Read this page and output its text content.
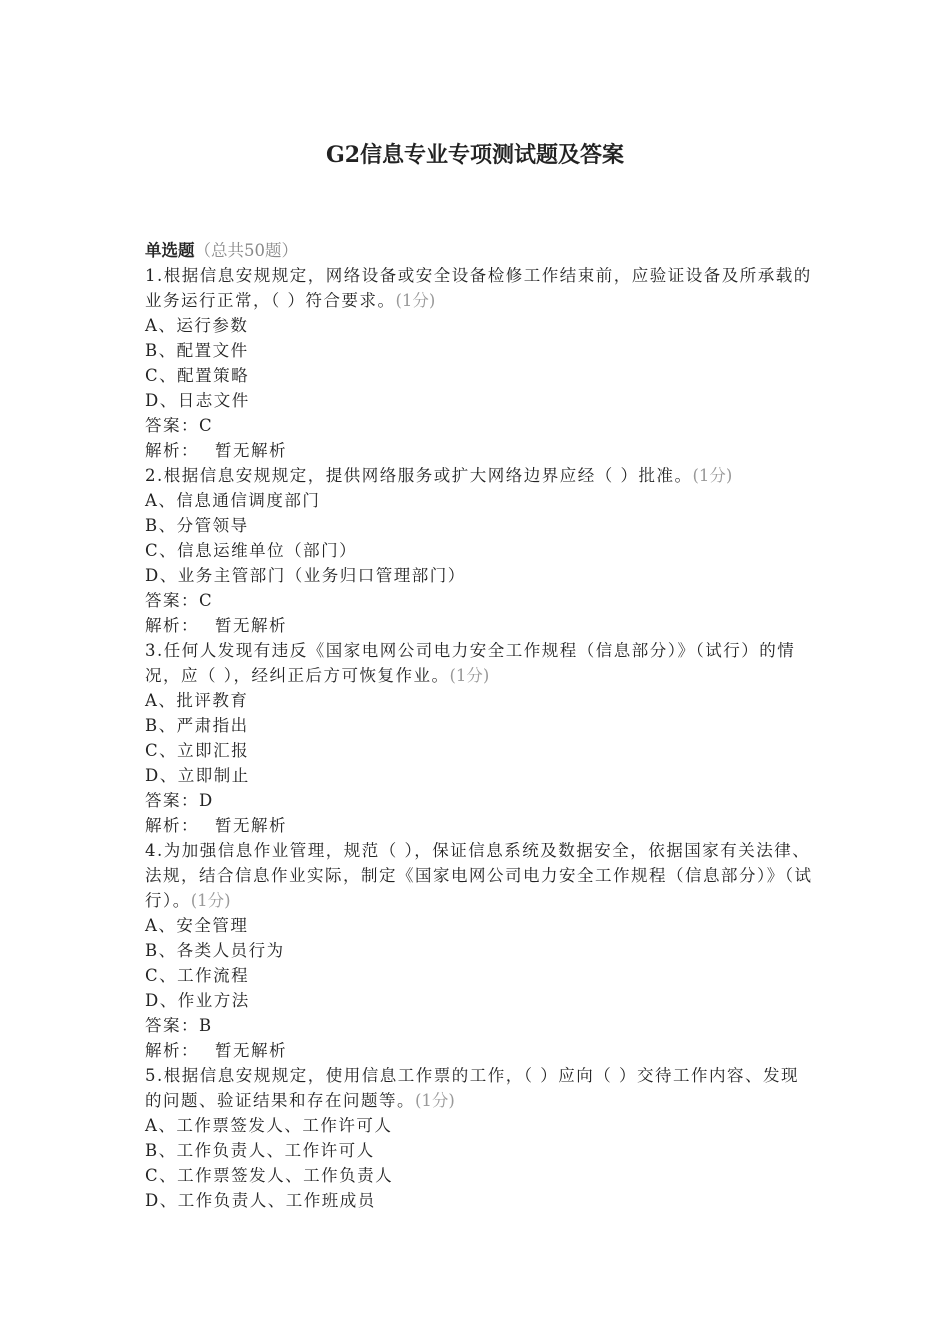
G2信息专业专项测试题及答案

单选题（总共50题）

1.根据信息安规规定，网络设备或安全设备检修工作结束前，应验证设备及所承载的业务运行正常，（ ）符合要求。(1分)

A、运行参数

B、配置文件

C、配置策略

D、日志文件

答案：C

解析： 暂无解析

2.根据信息安规规定，提供网络服务或扩大网络边界应经（ ）批准。(1分)

A、信息通信调度部门

B、分管领导

C、信息运维单位（部门）

D、业务主管部门（业务归口管理部门）

答案：C

解析： 暂无解析

3.任何人发现有违反《国家电网公司电力安全工作规程（信息部分）》（试行）的情况，应（ ），经纠正后方可恢复作业。(1分)

A、批评教育

B、严肃指出

C、立即汇报

D、立即制止

答案：D

解析： 暂无解析

4.为加强信息作业管理，规范（ ），保证信息系统及数据安全，依据国家有关法律、法规，结合信息作业实际，制定《国家电网公司电力安全工作规程（信息部分）》（试行）。(1分)

A、安全管理

B、各类人员行为

C、工作流程

D、作业方法

答案：B

解析： 暂无解析

5.根据信息安规规定，使用信息工作票的工作，（ ）应向（ ）交待工作内容、发现的问题、验证结果和存在问题等。(1分)

A、工作票签发人、工作许可人

B、工作负责人、工作许可人

C、工作票签发人、工作负责人

D、工作负责人、工作班成员
